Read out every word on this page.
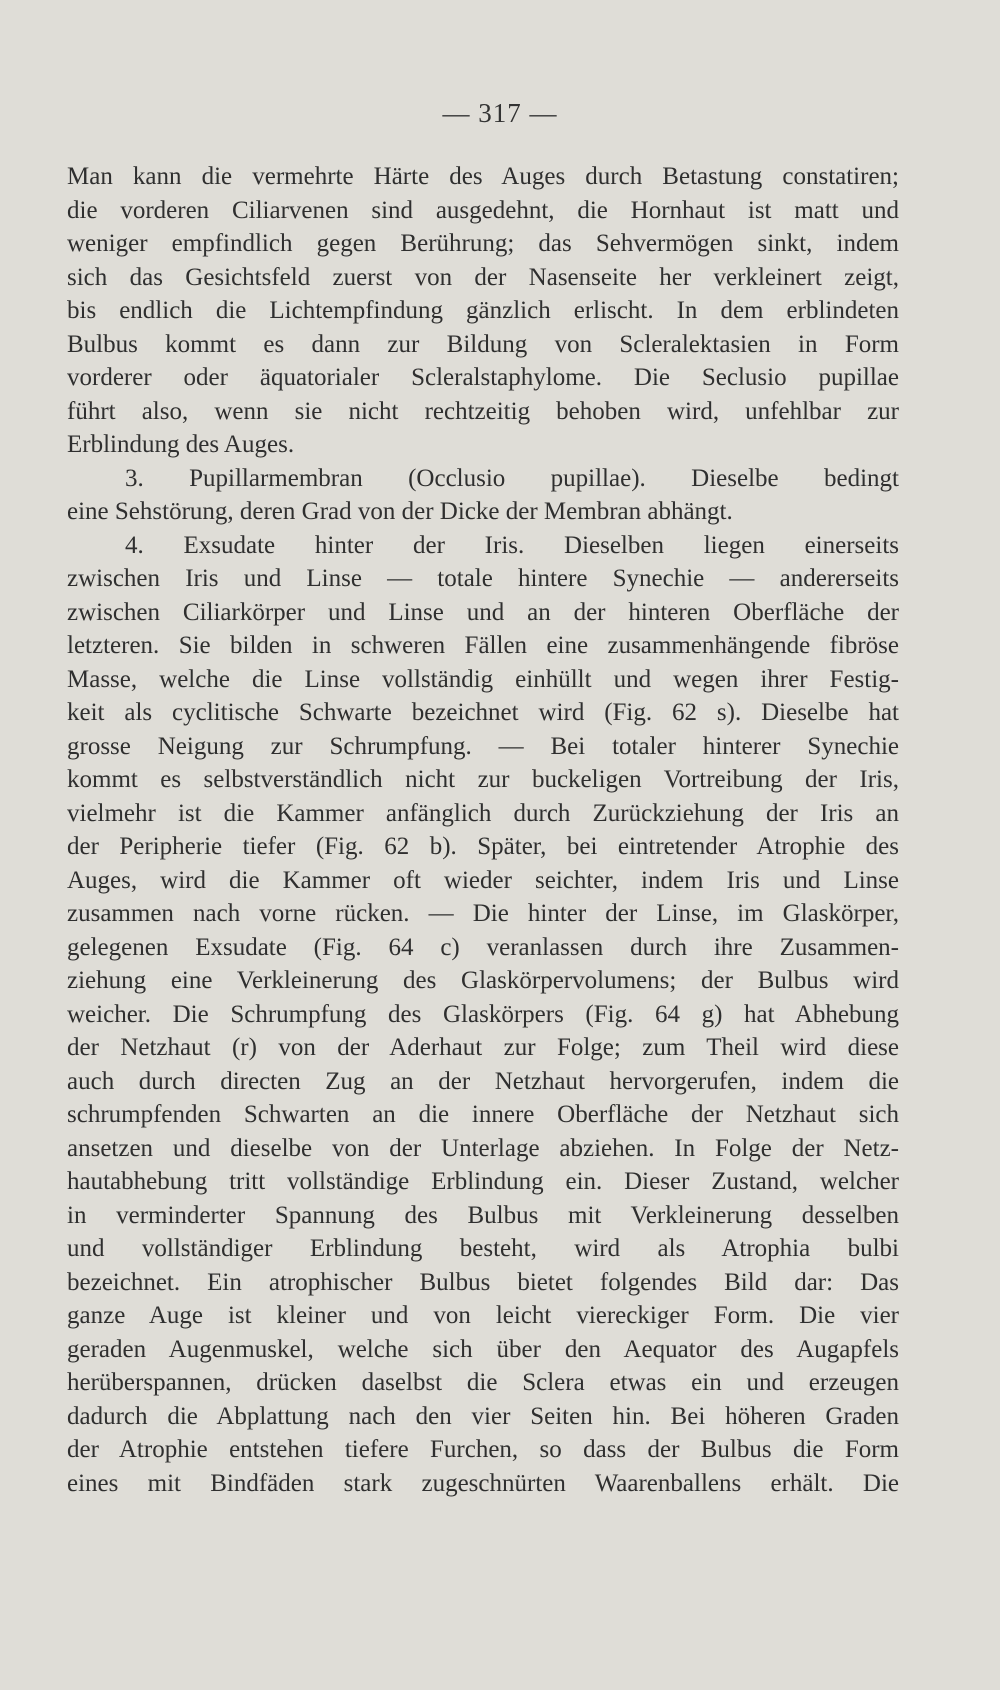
— 317 —
Man kann die vermehrte Härte des Auges durch Betastung constatiren;
die vorderen Ciliarvenen sind ausgedehnt, die Hornhaut ist matt und
weniger empfindlich gegen Berührung; das Sehvermögen sinkt, indem
sich das Gesichtsfeld zuerst von der Nasenseite her verkleinert zeigt,
bis endlich die Lichtempfindung gänzlich erlischt. In dem erblindeten
Bulbus kommt es dann zur Bildung von Scleralektasien in Form
vorderer oder äquatorialer Scleralstaphylome. Die Seclusio pupillae
führt also, wenn sie nicht rechtzeitig behoben wird, unfehlbar zur
Erblindung des Auges.
3. Pupillarmembran (Occlusio pupillae). Dieselbe bedingt
eine Sehstörung, deren Grad von der Dicke der Membran abhängt.
4. Exsudate hinter der Iris. Dieselben liegen einerseits
zwischen Iris und Linse — totale hintere Synechie — andererseits
zwischen Ciliarkörper und Linse und an der hinteren Oberfläche der
letzteren. Sie bilden in schweren Fällen eine zusammenhängende fibröse
Masse, welche die Linse vollständig einhüllt und wegen ihrer Festig-
keit als cyclitische Schwarte bezeichnet wird (Fig. 62 s). Dieselbe hat
grosse Neigung zur Schrumpfung. — Bei totaler hinterer Synechie
kommt es selbstverständlich nicht zur buckeligen Vortreibung der Iris,
vielmehr ist die Kammer anfänglich durch Zurückziehung der Iris an
der Peripherie tiefer (Fig. 62 b). Später, bei eintretender Atrophie des
Auges, wird die Kammer oft wieder seichter, indem Iris und Linse
zusammen nach vorne rücken. — Die hinter der Linse, im Glaskörper,
gelegenen Exsudate (Fig. 64 c) veranlassen durch ihre Zusammen-
ziehung eine Verkleinerung des Glaskörpervolumens; der Bulbus wird
weicher. Die Schrumpfung des Glaskörpers (Fig. 64 g) hat Abhebung
der Netzhaut (r) von der Aderhaut zur Folge; zum Theil wird diese
auch durch directen Zug an der Netzhaut hervorgerufen, indem die
schrumpfenden Schwarten an die innere Oberfläche der Netzhaut sich
ansetzen und dieselbe von der Unterlage abziehen. In Folge der Netz-
hautabhebung tritt vollständige Erblindung ein. Dieser Zustand, welcher
in verminderter Spannung des Bulbus mit Verkleinerung desselben
und vollständiger Erblindung besteht, wird als Atrophia bulbi
bezeichnet. Ein atrophischer Bulbus bietet folgendes Bild dar: Das
ganze Auge ist kleiner und von leicht viereckiger Form. Die vier
geraden Augenmuskel, welche sich über den Aequator des Augapfels
herüberspannen, drücken daselbst die Sclera etwas ein und erzeugen
dadurch die Abplattung nach den vier Seiten hin. Bei höheren Graden
der Atrophie entstehen tiefere Furchen, so dass der Bulbus die Form
eines mit Bindfäden stark zugeschnürten Waarenballens erhält. Die
